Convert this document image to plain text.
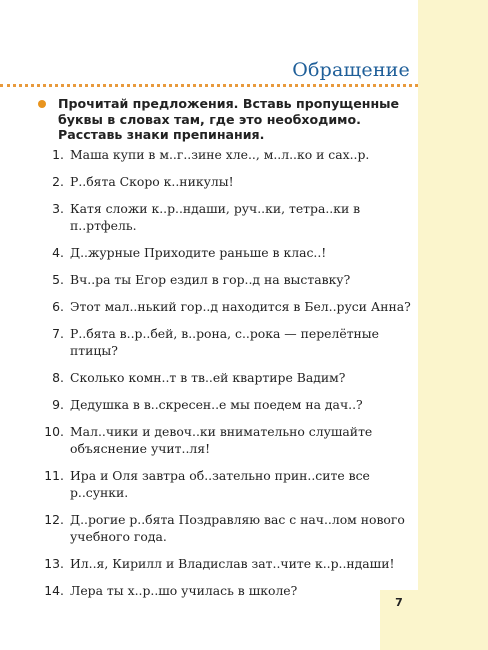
Обращение
Прочитай предложения. Вставь пропущенные буквы в словах там, где это необходимо. Расставь знаки препинания.
1. Маша купи в м..г..зине хле.., м..л..ко и сах..р.
2. Р..бята Скоро к..никулы!
3. Катя сложи к..р..ндаши, руч..ки, тетра..ки в п..ртфель.
4. Д..журные Приходите раньше в клас..!
5. Вч..ра ты Егор ездил в гор..д на выставку?
6. Этот мал..нький гор..д находится в Бел..руси Анна?
7. Р..бята в..р..бей, в..рона, с..рока — перелётные птицы?
8. Сколько комн..т в тв..ей квартире Вадим?
9. Дедушка в в..скресен..е мы поедем на дач..?
10. Мал..чики и девоч..ки внимательно слушайте объяснение учит..ля!
11. Ира и Оля завтра об..зательно прин..сите все р..сунки.
12. Д..рогие р..бята Поздравляю вас с нач..лом нового учебного года.
13. Ил..я, Кирилл и Владислав зат..чите к..р..ндаши!
14. Лера ты х..р..шо училась в школе?
7
